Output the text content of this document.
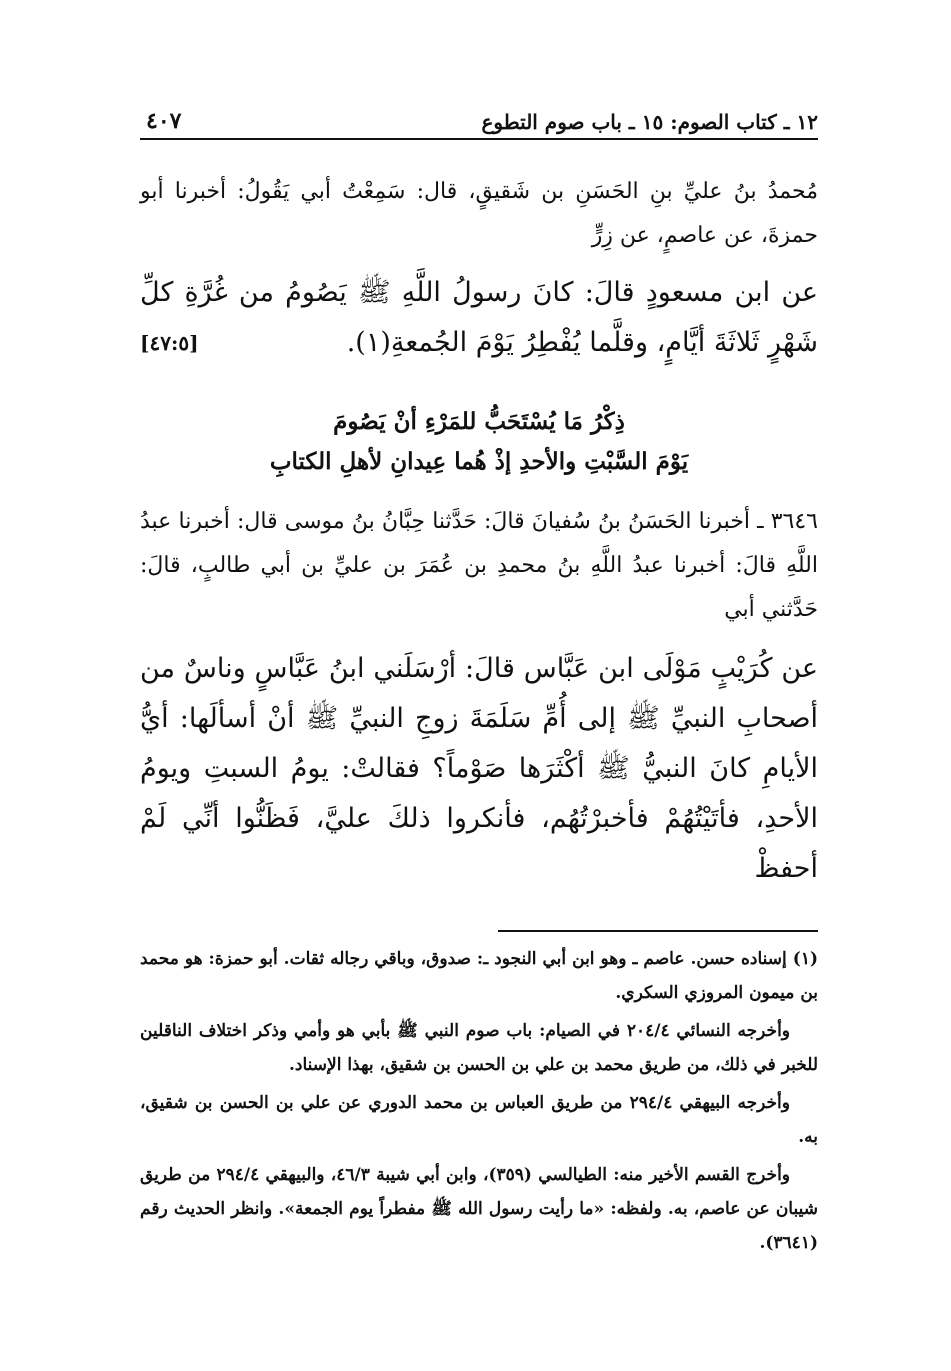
١٢ ـ كتاب الصوم: ١٥ ـ باب صوم التطوع
٤٠٧

مُحمدُ بنُ عليِّ بنِ الحَسَنِ بن شَقيقٍ، قال: سَمِعْتُ أبي يَقُولُ: أخبرنا أبو حمزةَ، عن عاصمٍ، عن زِرٍّ

عن ابن مسعودٍ قالَ: كانَ رسولُ اللَّهِ ﷺ يَصُومُ من غُرَّةِ كلِّ شَهْرٍ ثَلاثَةَ أيَّامٍ، وقلَّما يُفْطِرُ يَوْمَ الجُمعةِ(١).
[٤٧:٥]

ذِكْرُ مَا يُسْتَحَبُّ للمَرْءِ أنْ يَصُومَ
يَوْمَ السَّبْتِ والأحدِ إذْ هُما عِيدانِ لأهلِ الكتابِ

٣٦٤٦ ـ أخبرنا الحَسَنُ بنُ سُفيانَ قالَ: حَدَّثنا حِبَّانُ بنُ موسى قال: أخبرنا عبدُ اللَّهِ قالَ: أخبرنا عبدُ اللَّهِ بنُ محمدِ بن عُمَرَ بن عليِّ بن أبي طالبٍ، قالَ: حَدَّثني أبي

عن كُرَيْبٍ مَوْلَى ابن عَبَّاس قالَ: أرْسَلَني ابنُ عَبَّاسٍ وناسٌ من أصحابِ النبيِّ ﷺ إلى أُمِّ سَلَمَةَ زوجِ النبيِّ ﷺ أنْ أسألَها: أيُّ الأيامِ كانَ النبيُّ ﷺ أكْثَرَها صَوْماً؟ فقالتْ: يومُ السبتِ ويومُ الأحدِ، فأتَيْتُهُمْ فأخبرْتُهُم، فأنكروا ذلكَ عليَّ، فَظَنُّوا أنِّي لَمْ أحفظْ

(١) إسناده حسن. عاصم ـ وهو ابن أبي النجود ـ: صدوق، وباقي رجاله ثقات. أبو حمزة: هو محمد بن ميمون المروزي السكري.

وأخرجه النسائي ٢٠٤/٤ في الصيام: باب صوم النبي ﷺ بأبي هو وأمي وذكر اختلاف الناقلين للخبر في ذلك، من طريق محمد بن علي بن الحسن بن شقيق، بهذا الإسناد.

وأخرجه البيهقي ٢٩٤/٤ من طريق العباس بن محمد الدوري عن علي بن الحسن بن شقيق، به.

وأخرج القسم الأخير منه: الطيالسي (٣٥٩)، وابن أبي شيبة ٤٦/٣، والبيهقي ٢٩٤/٤ من طريق شيبان عن عاصم، به. ولفظه: «ما رأيت رسول الله ﷺ مفطراً يوم الجمعة». وانظر الحديث رقم (٣٦٤١).
